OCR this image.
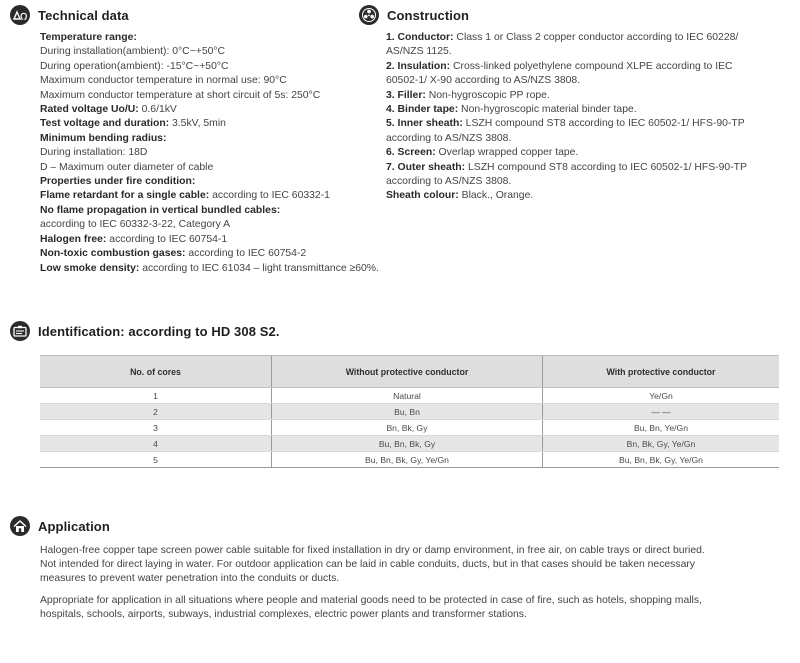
Technical data
Temperature range:
During installation(ambient): 0°C~+50°C
During operation(ambient): -15°C~+50°C
Maximum conductor temperature in normal use: 90°C
Maximum conductor temperature at short circuit of 5s: 250°C
Rated voltage Uo/U: 0.6/1kV
Test voltage and duration: 3.5kV, 5min
Minimum bending radius:
During installation: 18D
D – Maximum outer diameter of cable
Properties under fire condition:
Flame retardant for a single cable: according to IEC 60332-1
No flame propagation in vertical bundled cables:
according to IEC 60332-3-22, Category A
Halogen free: according to IEC 60754-1
Non-toxic combustion gases: according to IEC 60754-2
Low smoke density: according to IEC 61034 – light transmittance ≥60%.
Construction
1. Conductor: Class 1 or Class 2 copper conductor according to IEC 60228/
AS/NZS 1125.
2. Insulation: Cross-linked polyethylene compound XLPE according to IEC
60502-1/ X-90 according to AS/NZS 3808.
3. Filler: Non-hygroscopic PP rope.
4. Binder tape: Non-hygroscopic material binder tape.
5. Inner sheath: LSZH compound ST8 according to IEC 60502-1/ HFS-90-TP
according to AS/NZS 3808.
6. Screen: Overlap wrapped copper tape.
7. Outer sheath: LSZH compound ST8 according to IEC 60502-1/ HFS-90-TP
according to AS/NZS 3808.
Sheath colour: Black., Orange.
Identification: according to HD 308 S2.
No. of cores	Without protective conductor	With protective conductor
1	Natural	Ye/Gn
2	Bu, Bn	— —
3	Bn, Bk, Gy	Bu, Bn, Ye/Gn
4	Bu, Bn, Bk, Gy	Bn, Bk, Gy, Ye/Gn
5	Bu, Bn, Bk, Gy, Ye/Gn	Bu, Bn, Bk, Gy, Ye/Gn
Application

Halogen-free copper tape screen power cable suitable for fixed installation in dry or damp environment, in free air, on cable trays or direct buried.
Not intended for direct laying in water. For outdoor application can be laid in cable conduits, ducts, but in that cases should be taken necessary
measures to prevent water penetration into the conduits or ducts.

Appropriate for application in all situations where people and material goods need to be protected in case of fire, such as hotels, shopping malls,
hospitals, schools, airports, subways, industrial complexes, electric power plants and transformer stations.
